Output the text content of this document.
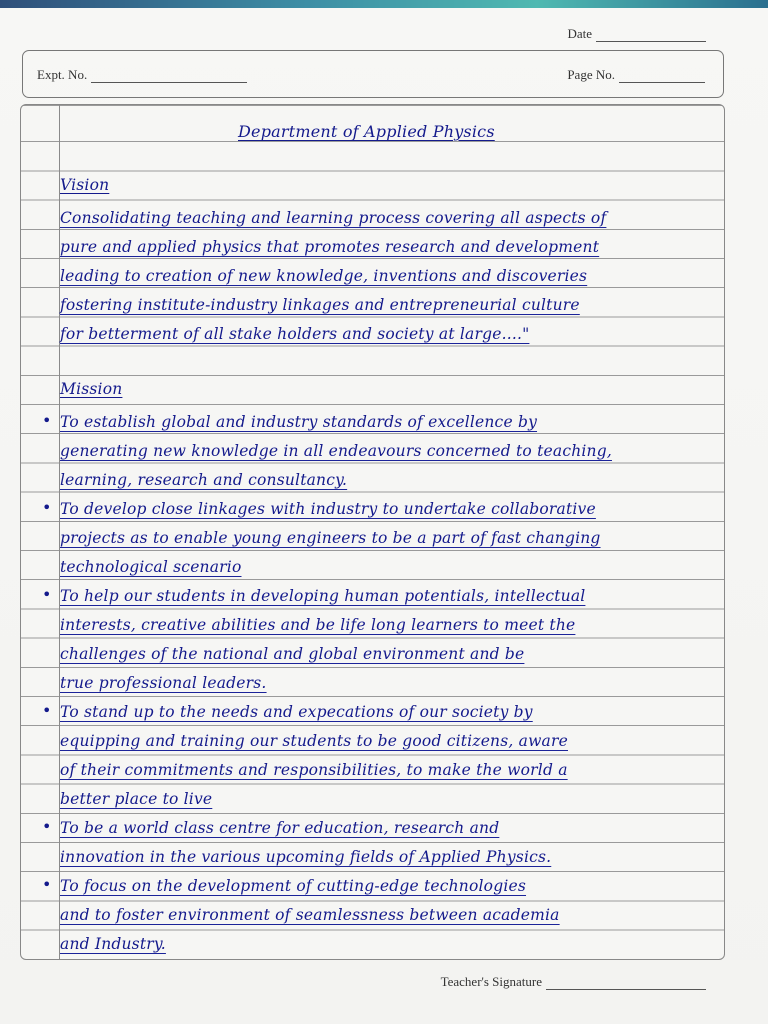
Date
Expt. No.	Page No.
Department of Applied Physics
Vision
Consolidating teaching and learning process covering all aspects of
pure and applied physics that promotes research and development
leading to creation of new knowledge, inventions and discoveries
fostering institute-industry linkages and entrepreneurial culture
for betterment of all stake holders and society at large...."
Mission
• To establish global and industry standards of excellence by
generating new knowledge in all endeavours concerned to teaching,
learning, research and consultancy.
• To develop close linkages with industry to undertake collaborative
projects as to enable young engineers to be a part of fast changing
technological scenario
• To help our students in developing human potentials, intellectual
interests, creative abilities and be life long learners to meet the
challenges of the national and global environment and be
true professional leaders.
• To stand up to the needs and expecations of our society by
equipping and training our students to be good citizens, aware
of their commitments and responsibilities, to make the world a
better place to live
• To be a world class centre for education, research and
innovation in the various upcoming fields of Applied Physics.
• To focus on the development of cutting-edge technologies
and to foster environment of seamlessness between academia
and Industry.
Teacher's Signature
